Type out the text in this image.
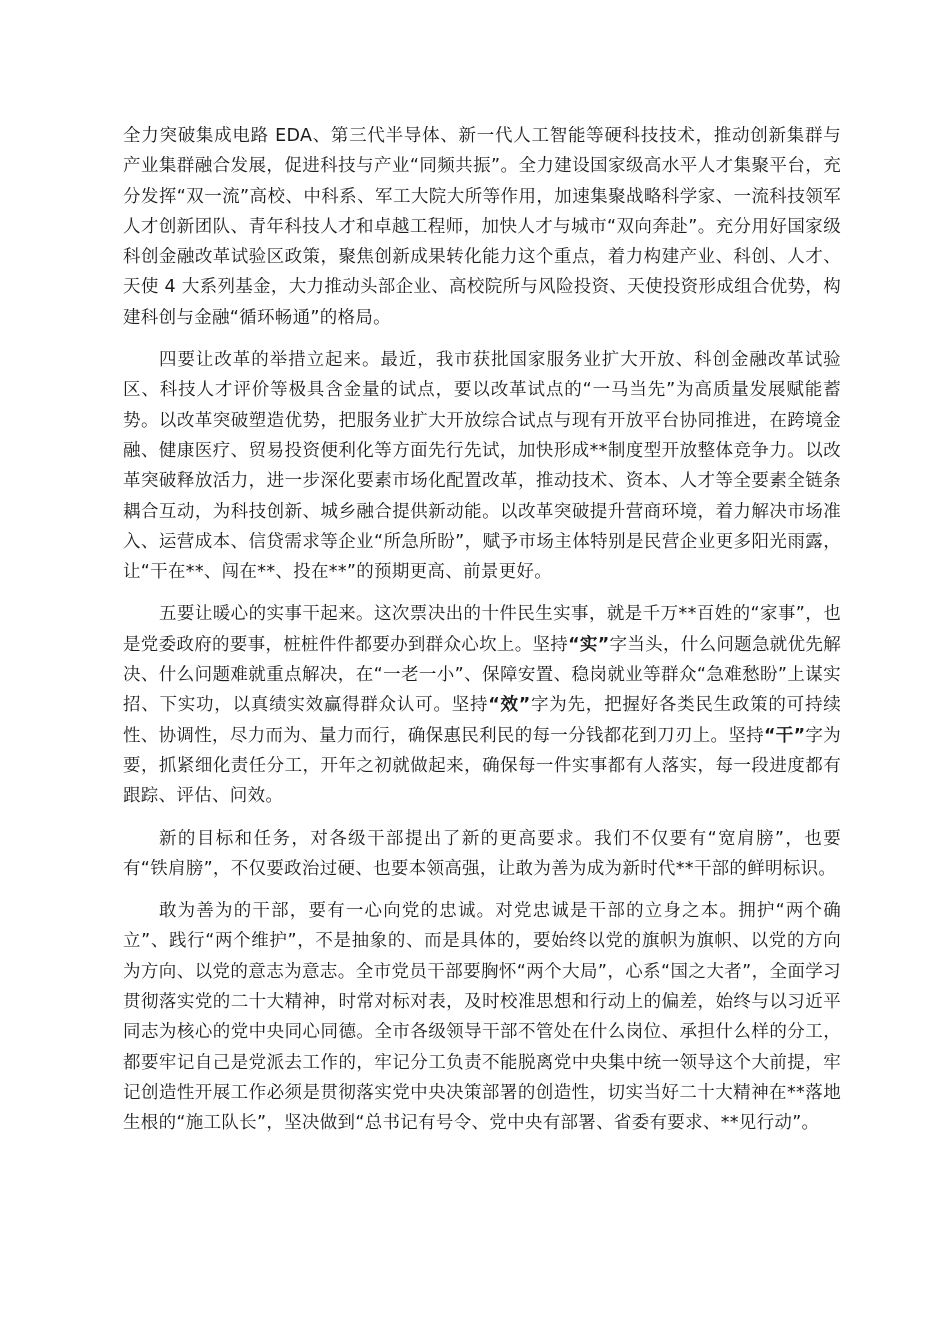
全力突破集成电路 EDA、第三代半导体、新一代人工智能等硬科技技术，推动创新集群与产业集群融合发展，促进科技与产业“同频共振”。全力建设国家级高水平人才集聚平台，充分发挥“双一流”高校、中科系、军工大院大所等作用，加速集聚战略科学家、一流科技领军人才创新团队、青年科技人才和卓越工程师，加快人才与城市“双向奔赴”。充分用好国家级科创金融改革试验区政策，聚焦创新成果转化能力这个重点，着力构建产业、科创、人才、天使 4 大系列基金，大力推动头部企业、高校院所与风险投资、天使投资形成组合优势，构建科创与金融“循环畅通”的格局。

四要让改革的举措立起来。最近，我市获批国家服务业扩大开放、科创金融改革试验区、科技人才评价等极具含金量的试点，要以改革试点的“一马当先”为高质量发展赋能蓄势。以改革突破塑造优势，把服务业扩大开放综合试点与现有开放平台协同推进，在跨境金融、健康医疗、贸易投资便利化等方面先行先试，加快形成**制度型开放整体竞争力。以改革突破释放活力，进一步深化要素市场化配置改革，推动技术、资本、人才等全要素全链条耦合互动，为科技创新、城乡融合提供新动能。以改革突破提升营商环境，着力解决市场准入、运营成本、信贷需求等企业“所急所盼”，赋予市场主体特别是民营企业更多阳光雨露，让“干在**、闯在**、投在**”的预期更高、前景更好。

五要让暖心的实事干起来。这次票决出的十件民生实事，就是千万**百姓的“家事”，也是党委政府的要事，桩桩件件都要办到群众心坎上。坚持“实”字当头，什么问题急就优先解决、什么问题难就重点解决，在“一老一小”、保障安置、稳岗就业等群众“急难愁盼”上谋实招、下实功，以真绩实效赢得群众认可。坚持“效”字为先，把握好各类民生政策的可持续性、协调性，尽力而为、量力而行，确保惠民利民的每一分钱都花到刀刃上。坚持“干”字为要，抓紧细化责任分工，开年之初就做起来，确保每一件实事都有人落实，每一段进度都有跟踪、评估、问效。

新的目标和任务，对各级干部提出了新的更高要求。我们不仅要有“宽肩膀”，也要有“铁肩膀”，不仅要政治过硬、也要本领高强，让敢为善为成为新时代**干部的鲜明标识。

敢为善为的干部，要有一心向党的忠诚。对党忠诚是干部的立身之本。拥护“两个确立”、践行“两个维护”，不是抽象的、而是具体的，要始终以党的旗帜为旗帜、以党的方向为方向、以党的意志为意志。全市党员干部要胸怀“两个大局”，心系“国之大者”，全面学习贯彻落实党的二十大精神，时常对标对表，及时校准思想和行动上的偏差，始终与以习近平同志为核心的党中央同心同德。全市各级领导干部不管处在什么岗位、承担什么样的分工，都要牢记自己是党派去工作的，牢记分工负责不能脱离党中央集中统一领导这个大前提，牢记创造性开展工作必须是贯彻落实党中央决策部署的创造性，切实当好二十大精神在**落地生根的“施工队长”，坚决做到“总书记有号令、党中央有部署、省委有要求、**见行动”。
